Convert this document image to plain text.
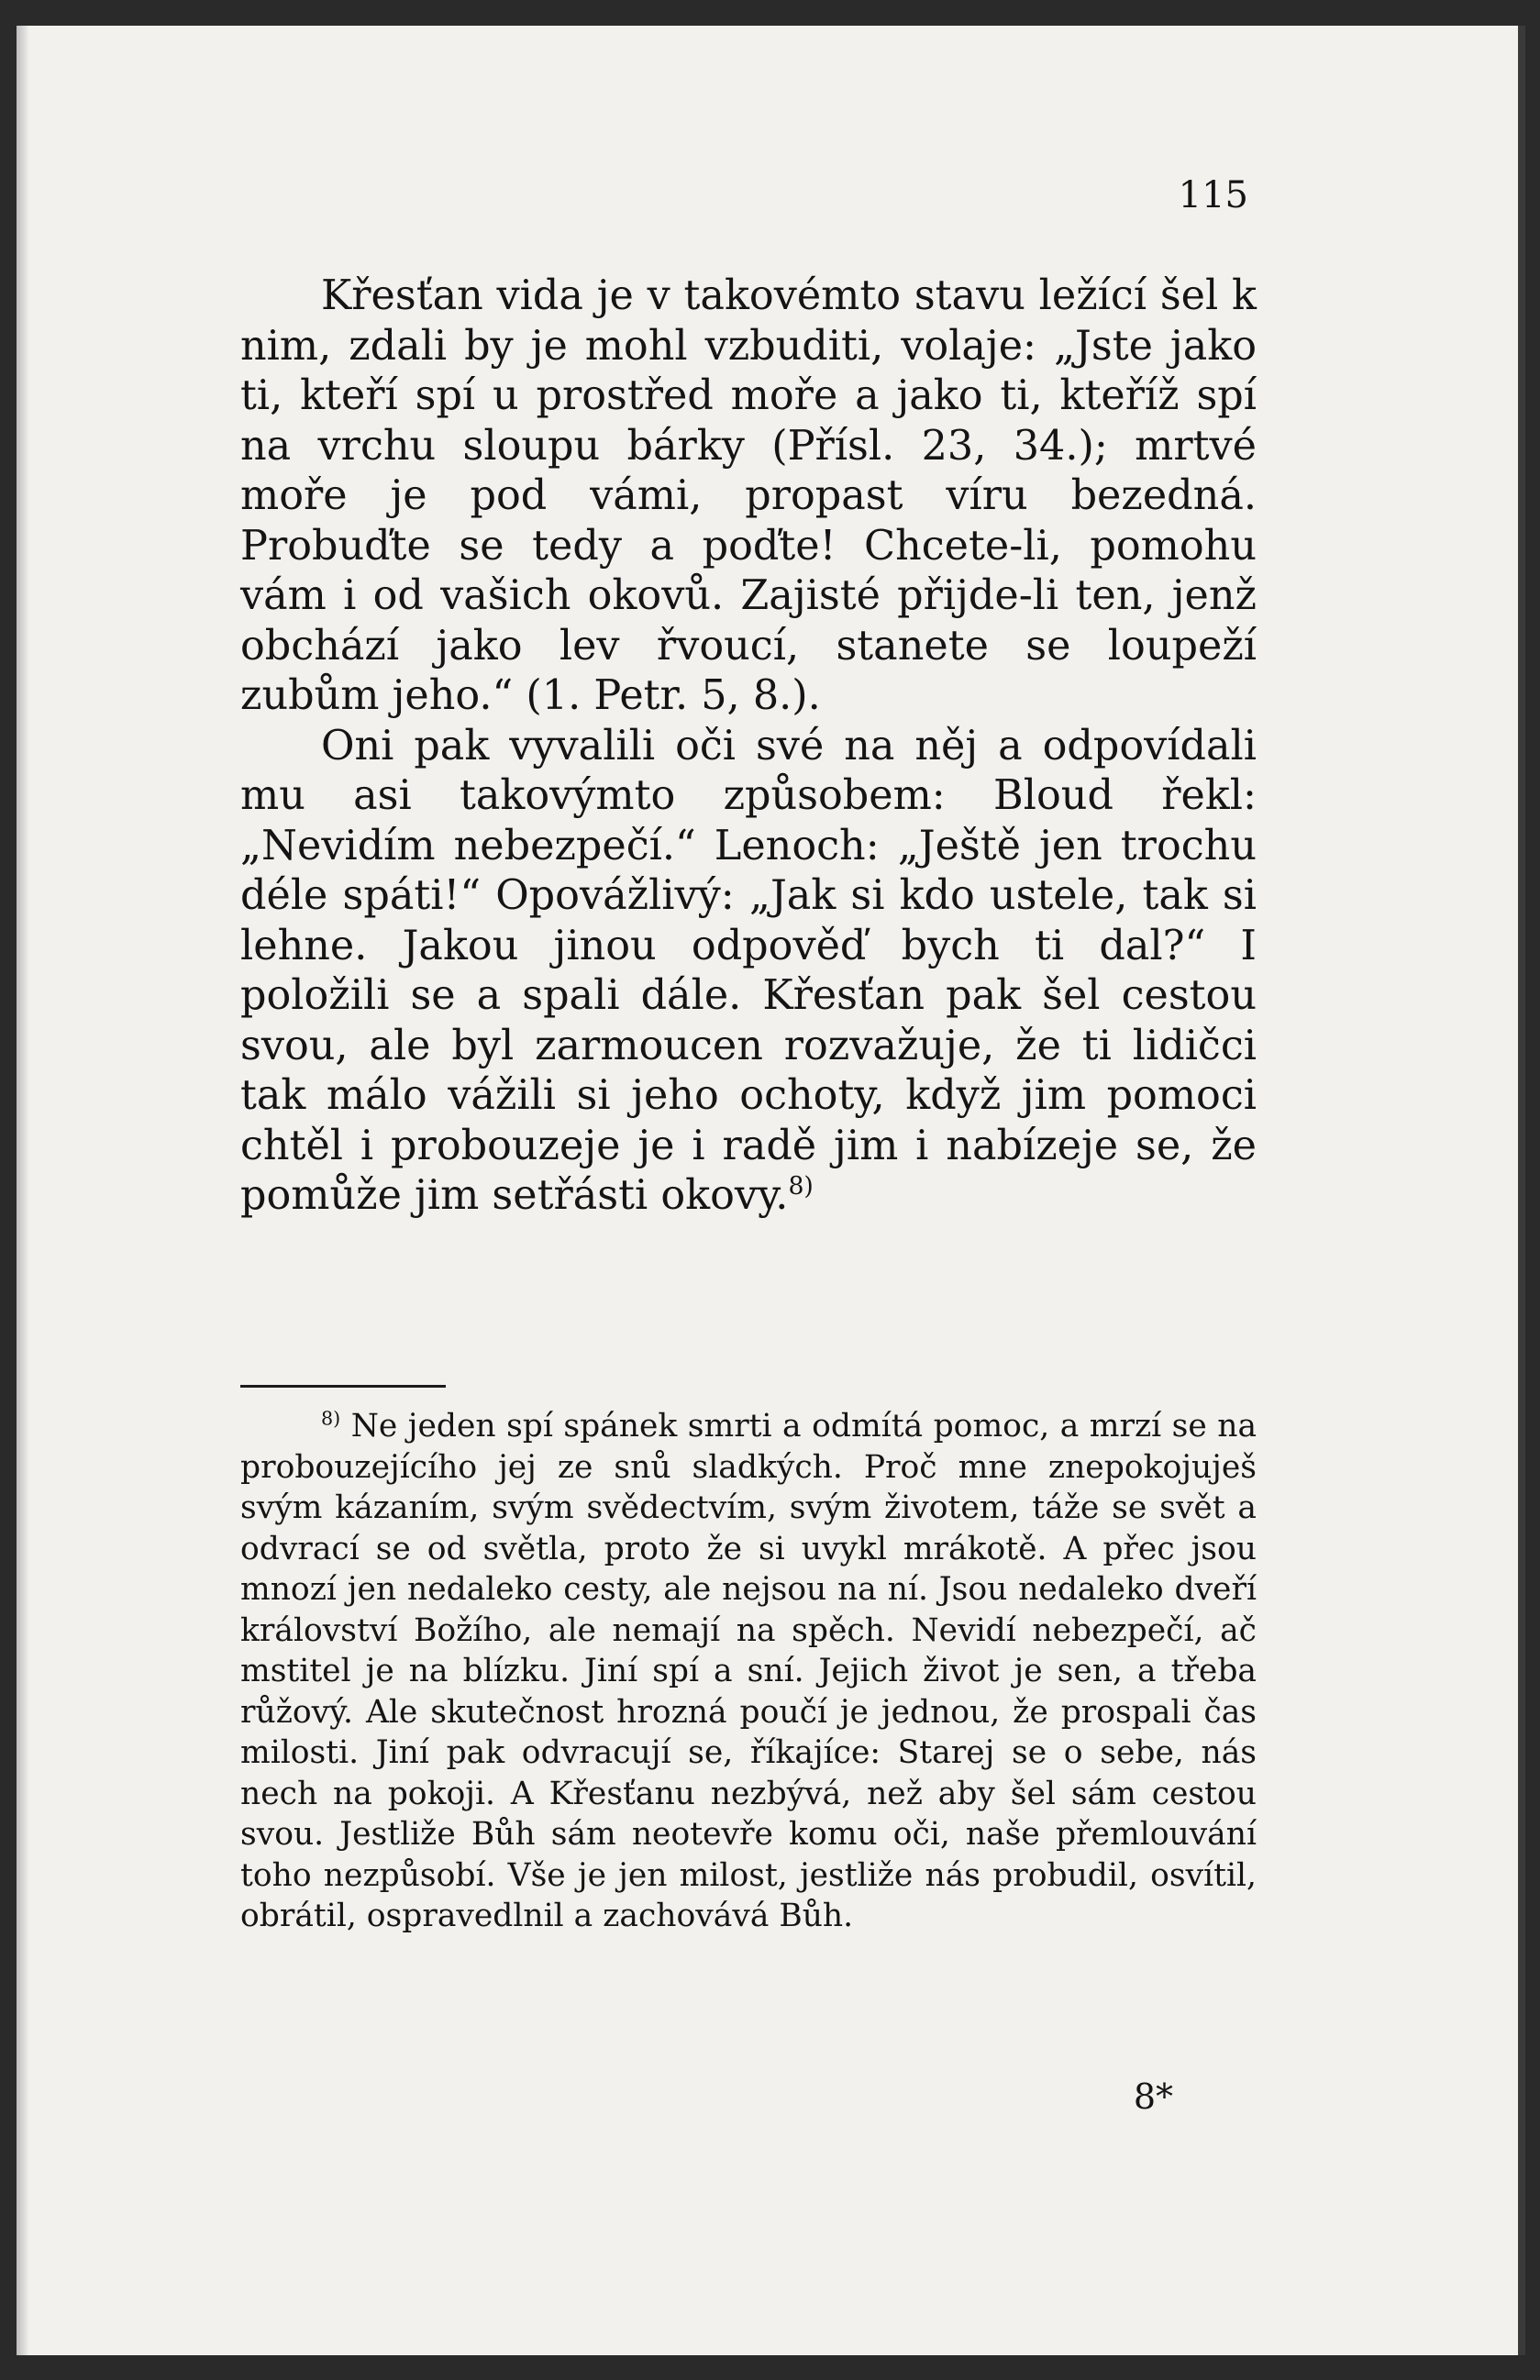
115

Křesťan vida je v takovémto stavu ležící šel k nim, zdali by je mohl vzbuditi, volaje: „Jste jako ti, kteří spí u prostřed moře a jako ti, kteříž spí na vrchu sloupu bárky (Přísl. 23, 34.); mrtvé moře je pod vámi, propast víru bezedná. Probuďte se tedy a poďte! Chcete-li, pomohu vám i od vašich okovů. Zajisté přijde-li ten, jenž obchází jako lev řvoucí, stanete se loupeží zubům jeho.“ (1. Petr. 5, 8.).

Oni pak vyvalili oči své na něj a odpovídali mu asi takovýmto způsobem: Bloud řekl: „Nevidím nebezpečí.“ Lenoch: „Ještě jen trochu déle spáti!“ Opovážlivý: „Jak si kdo ustele, tak si lehne. Jakou jinou odpověď bych ti dal?“ I položili se a spali dále. Křesťan pak šel cestou svou, ale byl zarmoucen rozvažuje, že ti lidičci tak málo vážili si jeho ochoty, když jim pomoci chtěl i probouzeje je i radě jim i nabízeje se, že pomůže jim setřásti okovy.$^{8)}$

$^{8)}$ Ne jeden spí spánek smrti a odmítá pomoc, a mrzí se na probouzejícího jej ze snů sladkých. Proč mne znepokojuješ svým kázaním, svým svědectvím, svým životem, táže se svět a odvrací se od světla, proto že si uvykl mrákotě. A přec jsou mnozí jen nedaleko cesty, ale nejsou na ní. Jsou nedaleko dveří království Božího, ale nemají na spěch. Nevidí nebezpečí, ač mstitel je na blízku. Jiní spí a sní. Jejich život je sen, a třeba růžový. Ale skutečnost hrozná poučí je jednou, že prospali čas milosti. Jiní pak odvracují se, říkajíce: Starej se o sebe, nás nech na pokoji. A Křesťanu nezbývá, než aby šel sám cestou svou. Jestliže Bůh sám neotevře komu oči, naše přemlouvání toho nezpůsobí. Vše je jen milost, jestliže nás probudil, osvítil, obrátil, ospravedlnil a zachovává Bůh.

8*
